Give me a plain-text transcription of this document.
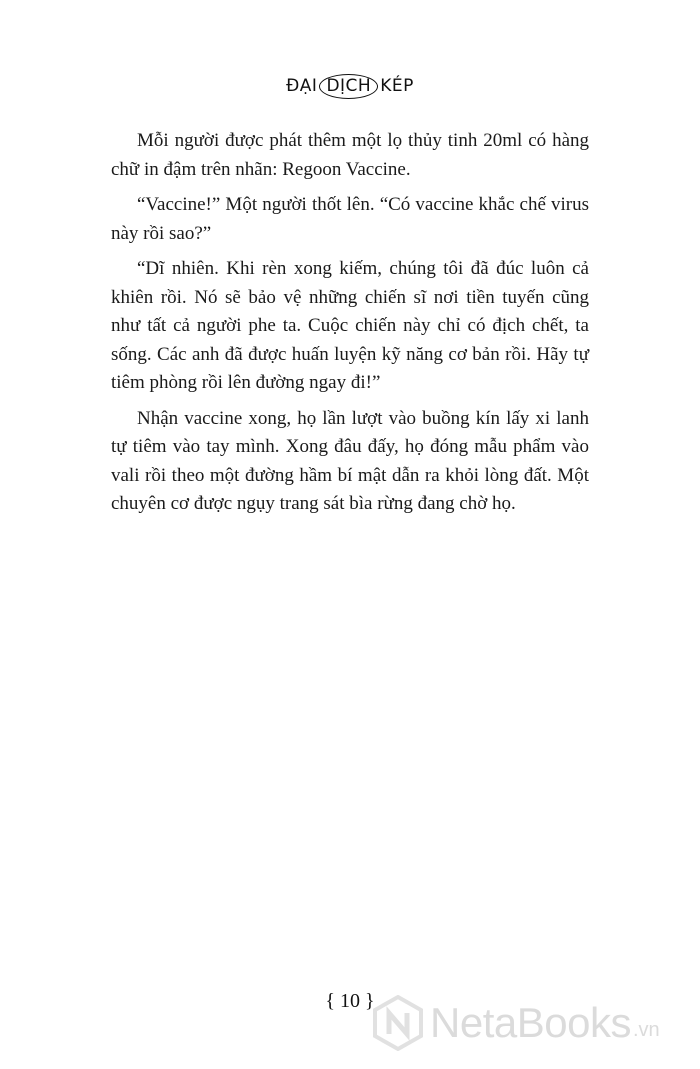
ĐẠI DỊCH KÉP

Mỗi người được phát thêm một lọ thủy tinh 20ml có hàng chữ in đậm trên nhãn: Regoon Vaccine.

“Vaccine!” Một người thốt lên. “Có vaccine khắc chế virus này rồi sao?”

“Dĩ nhiên. Khi rèn xong kiếm, chúng tôi đã đúc luôn cả khiên rồi. Nó sẽ bảo vệ những chiến sĩ nơi tiền tuyến cũng như tất cả người phe ta. Cuộc chiến này chỉ có địch chết, ta sống. Các anh đã được huấn luyện kỹ năng cơ bản rồi. Hãy tự tiêm phòng rồi lên đường ngay đi!”

Nhận vaccine xong, họ lần lượt vào buồng kín lấy xi lanh tự tiêm vào tay mình. Xong đâu đấy, họ đóng mẫu phẩm vào vali rồi theo một đường hầm bí mật dẫn ra khỏi lòng đất. Một chuyên cơ được ngụy trang sát bìa rừng đang chờ họ.

{ 10 }	NetaBooks .vn
